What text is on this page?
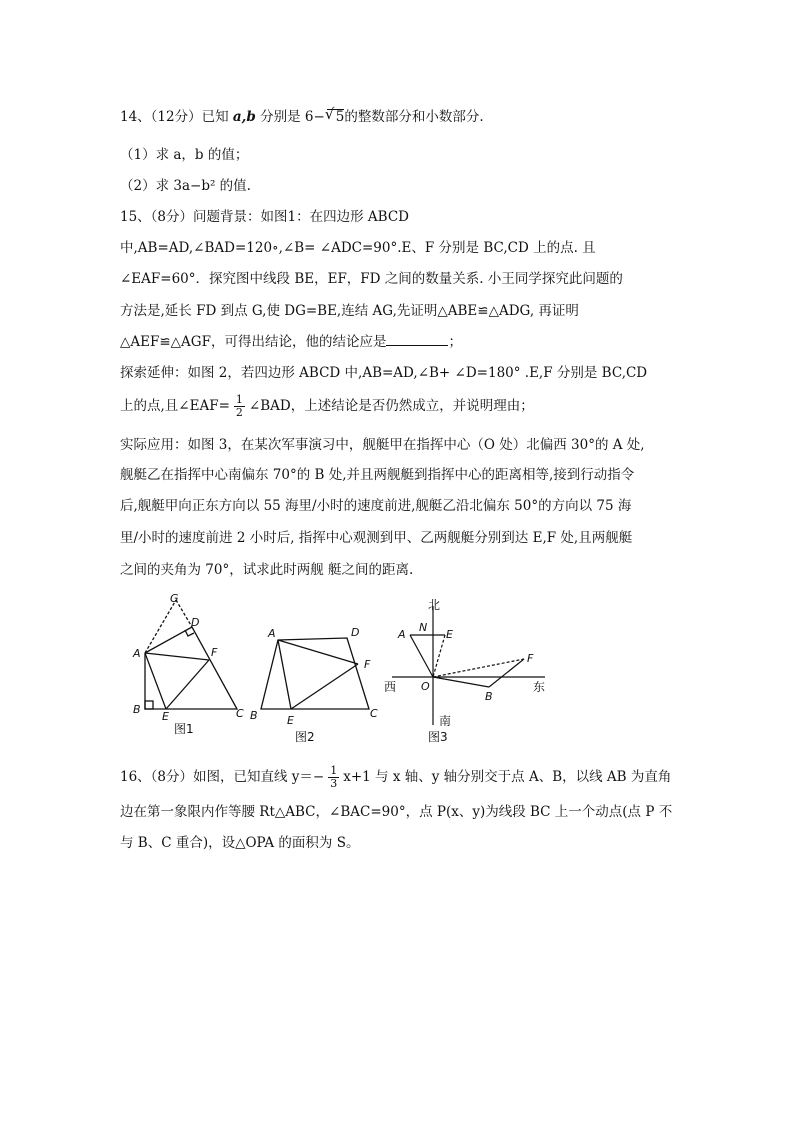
14、（12分）已知 a,b 分别是 6−√ 5的整数部分和小数部分.
（1）求 a，b 的值；
（2）求 3a−b² 的值.
15、（8分）问题背景：如图1：在四边形 ABCD
中,AB=AD,∠BAD=120∘,∠B= ∠ADC=90°.E、F 分别是 BC,CD 上的点. 且
∠EAF=60°．探究图中线段 BE，EF，FD 之间的数量关系. 小王同学探究此问题的
方法是,延长 FD 到点 G,使 DG=BE,连结 AG,先证明△ABE≌△ADG, 再证明
△AEF≌△AGF，可得出结论，他的结论应是	；
探索延伸：如图 2，若四边形 ABCD 中,AB=AD,∠B+ ∠D=180° .E,F 分别是 BC,CD
上的点,且∠EAF= $\frac{1}{2}$ ∠BAD，上述结论是否仍然成立，并说明理由；
实际应用：如图 3，在某次军事演习中，舰艇甲在指挥中心（O 处）北偏西 30°的 A 处,
舰艇乙在指挥中心南偏东 70°的 B 处,并且两舰艇到指挥中心的距离相等,接到行动指令
后,舰艇甲向正东方向以 55 海里/小时的速度前进,舰艇乙沿北偏东 50°的方向以 75 海
里/小时的速度前进 2 小时后, 指挥中心观测到甲、乙两舰艇分别到达 E,F 处,且两舰艇
之间的夹角为 70°，试求此时两舰 艇之间的距离.
G
D
A	F
B
E	C
图1
A	D
F
B	E
C
图2
北
N
A	E
F
西 O	东
B
南
图3
16、（8分）如图，已知直线 $y=- \frac{1}{3} x+1$ 与 x 轴、y 轴分别交于点 A、B，以线 AB 为直角
边在第一象限内作等腰 Rt△ABC，∠BAC=90°，点 P(x、y)为线段 BC 上一个动点(点 P 不
与 B、C 重合)，设△OPA 的面积为 S。
